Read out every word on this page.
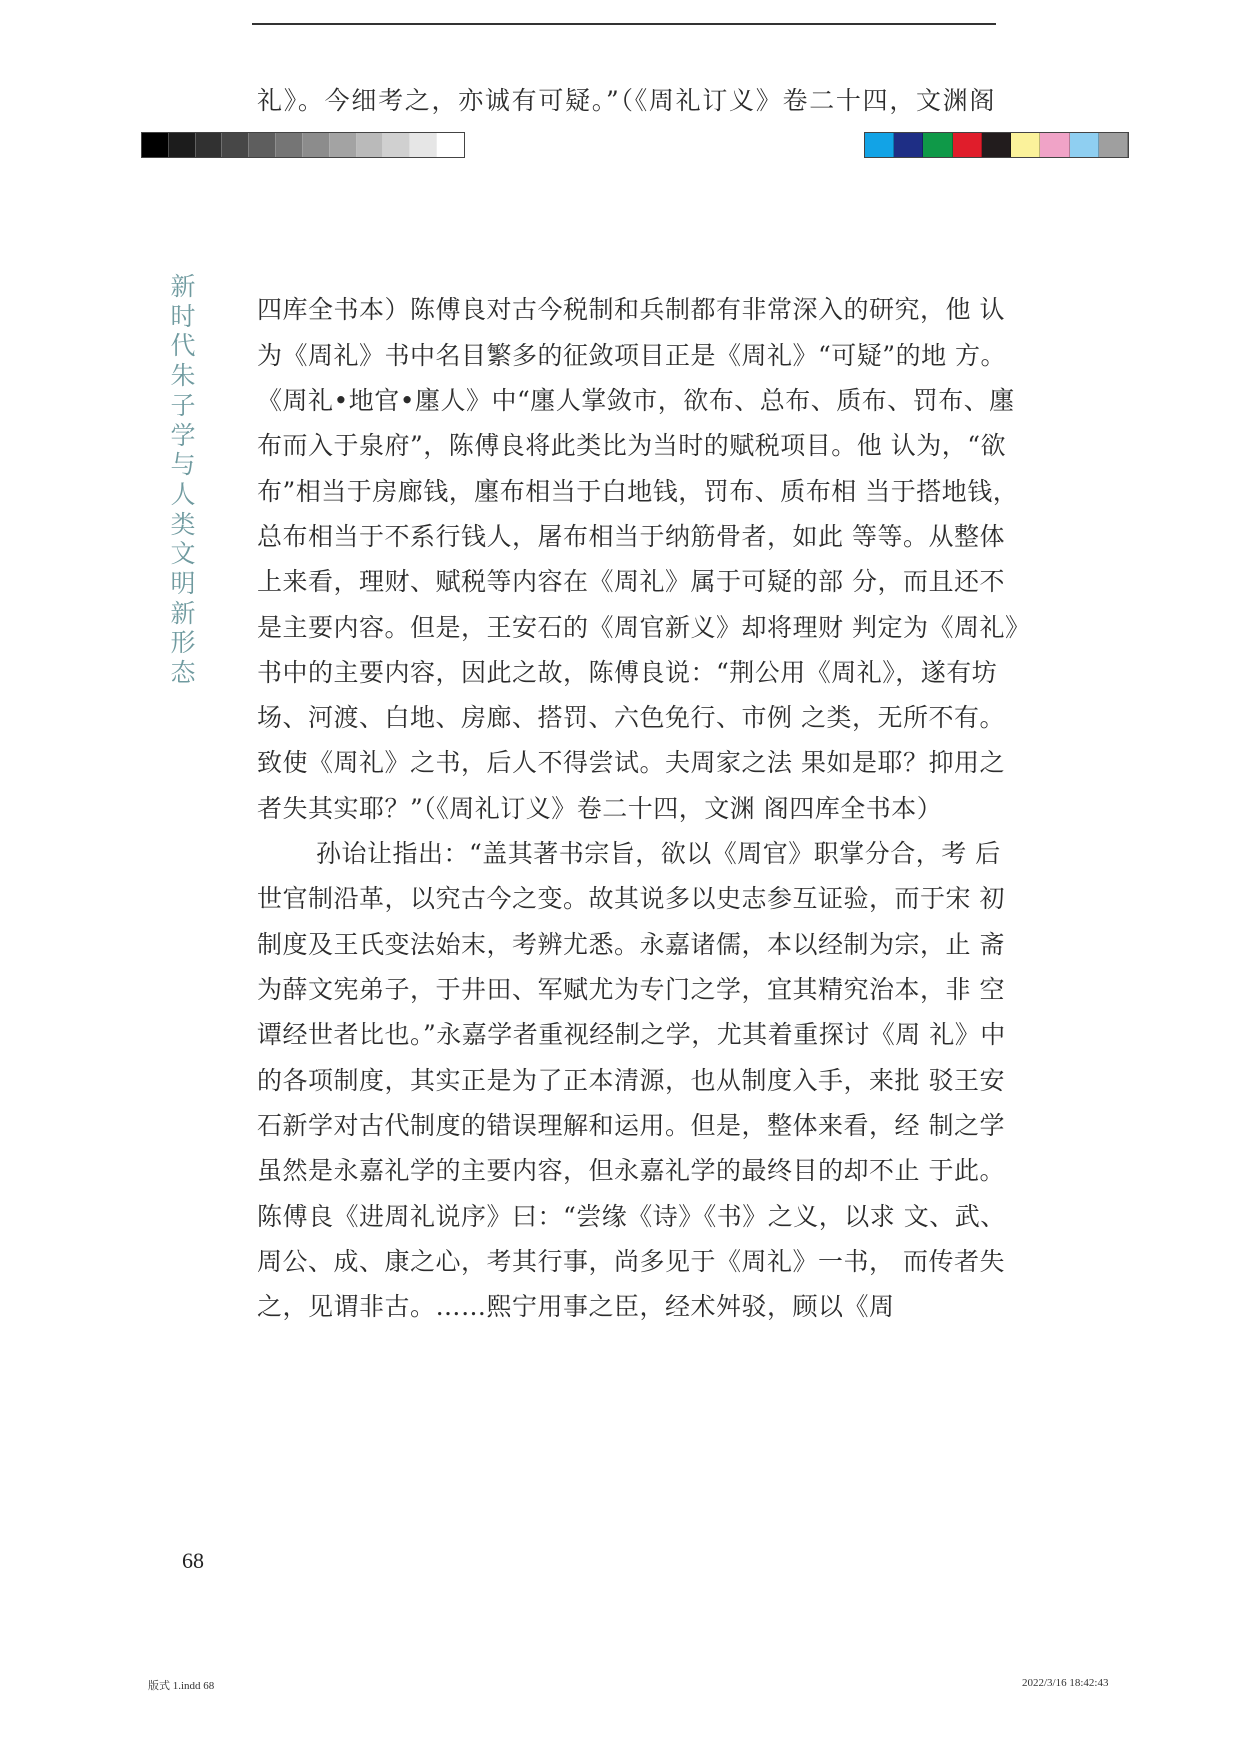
礼》。今细考之，亦诚有可疑。”（《周礼订义》卷二十四，文渊阁
新
时
代
朱
子
学
与
人
类
文
明
新
形
态
四库全书本）陈傅良对古今税制和兵制都有非常深入的研究，他 认
为《周礼》书中名目繁多的征敛项目正是《周礼》“可疑”的地 方。
《周礼•地官•廛人》中“廛人掌敛市，欲布、总布、质布、罚布、廛
布而入于泉府”，陈傅良将此类比为当时的赋税项目。他 认为，“欲
布”相当于房廊钱，廛布相当于白地钱，罚布、质布相 当于搭地钱，
总布相当于不系行钱人，屠布相当于纳筋骨者，如此 等等。从整体
上来看，理财、赋税等内容在《周礼》属于可疑的部 分，而且还不
是主要内容。但是，王安石的《周官新义》却将理财 判定为《周礼》
书中的主要内容，因此之故，陈傅良说：“荆公用《周礼》，遂有坊
场、河渡、白地、房廊、搭罚、六色免行、市例 之类，无所不有。
致使《周礼》之书，后人不得尝试。夫周家之法 果如是耶？抑用之
者失其实耶？”（《周礼订义》卷二十四，文渊 阁四库全书本）
孙诒让指出：“盖其著书宗旨，欲以《周官》职掌分合，考 后
世官制沿革，以究古今之变。故其说多以史志参互证验，而于宋 初
制度及王氏变法始末，考辨尤悉。永嘉诸儒，本以经制为宗，止 斋
为薛文宪弟子，于井田、军赋尤为专门之学，宜其精究治本，非 空
谭经世者比也。”永嘉学者重视经制之学，尤其着重探讨《周 礼》中
的各项制度，其实正是为了正本清源，也从制度入手，来批 驳王安
石新学对古代制度的错误理解和运用。但是，整体来看，经 制之学
虽然是永嘉礼学的主要内容，但永嘉礼学的最终目的却不止 于此。
陈傅良《进周礼说序》曰：“尝缘《诗》《书》之义，以求 文、武、
周公、成、康之心，考其行事，尚多见于《周礼》一书， 而传者失
之，见谓非古。……熙宁用事之臣，经术舛驳，顾以《周
68
版式 1.indd 68	2022/3/16 18:42:43
